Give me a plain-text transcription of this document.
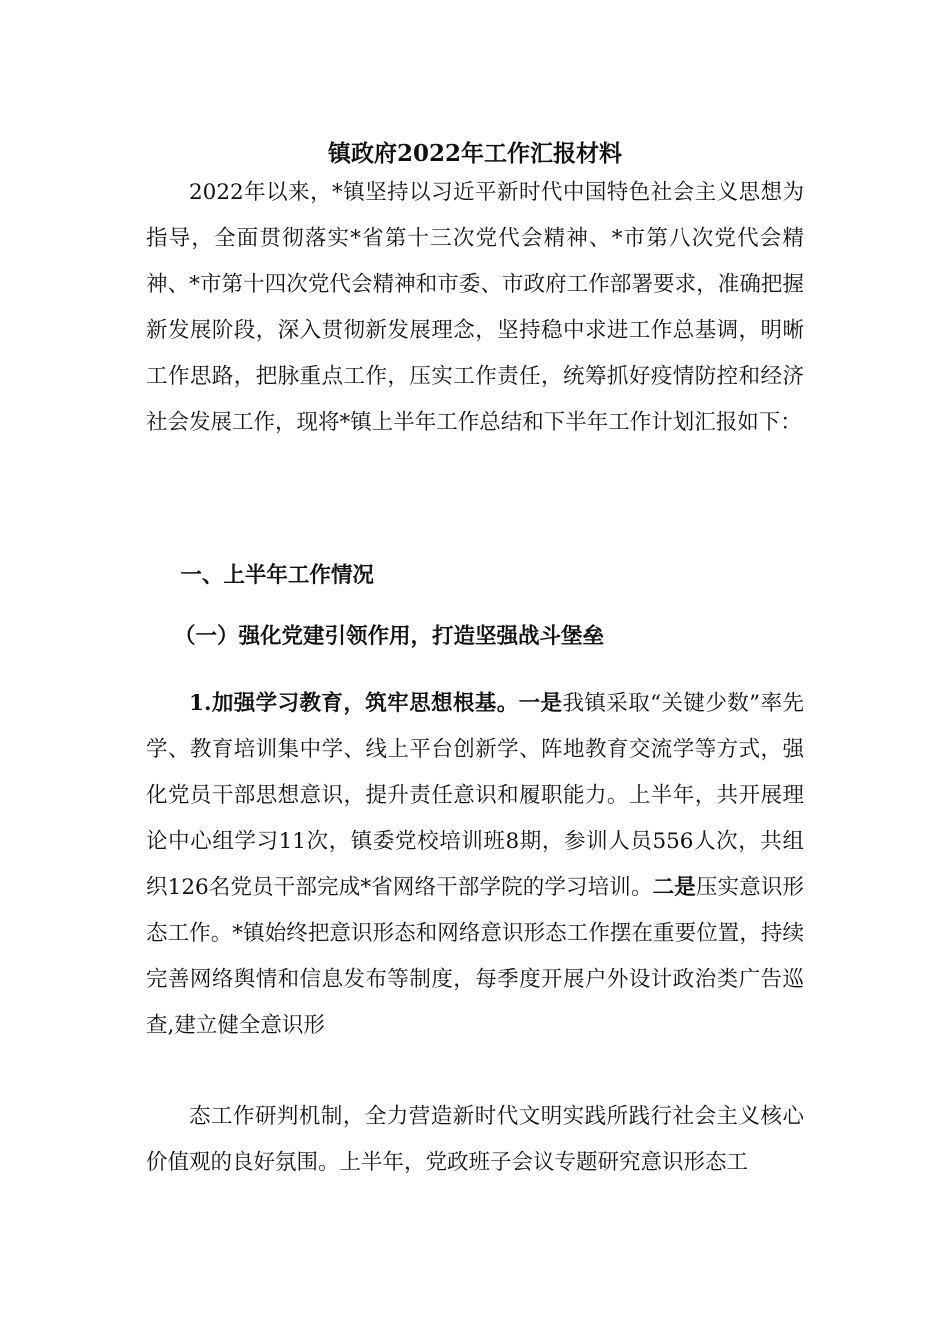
镇政府2022年工作汇报材料

2022年以来，*镇坚持以习近平新时代中国特色社会主义思想为指导，全面贯彻落实*省第十三次党代会精神、*市第八次党代会精神、*市第十四次党代会精神和市委、市政府工作部署要求，准确把握新发展阶段，深入贯彻新发展理念，坚持稳中求进工作总基调，明晰工作思路，把脉重点工作，压实工作责任，统筹抓好疫情防控和经济社会发展工作，现将*镇上半年工作总结和下半年工作计划汇报如下：

一、上半年工作情况

（一）强化党建引领作用，打造坚强战斗堡垒

1.加强学习教育，筑牢思想根基。一是我镇采取“关键少数”率先学、教育培训集中学、线上平台创新学、阵地教育交流学等方式，强化党员干部思想意识，提升责任意识和履职能力。上半年，共开展理论中心组学习11次，镇委党校培训班8期，参训人员556人次，共组织126名党员干部完成*省网络干部学院的学习培训。二是压实意识形态工作。*镇始终把意识形态和网络意识形态工作摆在重要位置，持续完善网络舆情和信息发布等制度，每季度开展户外设计政治类广告巡查,建立健全意识形

态工作研判机制，全力营造新时代文明实践所践行社会主义核心价值观的良好氛围。上半年，党政班子会议专题研究意识形态工
